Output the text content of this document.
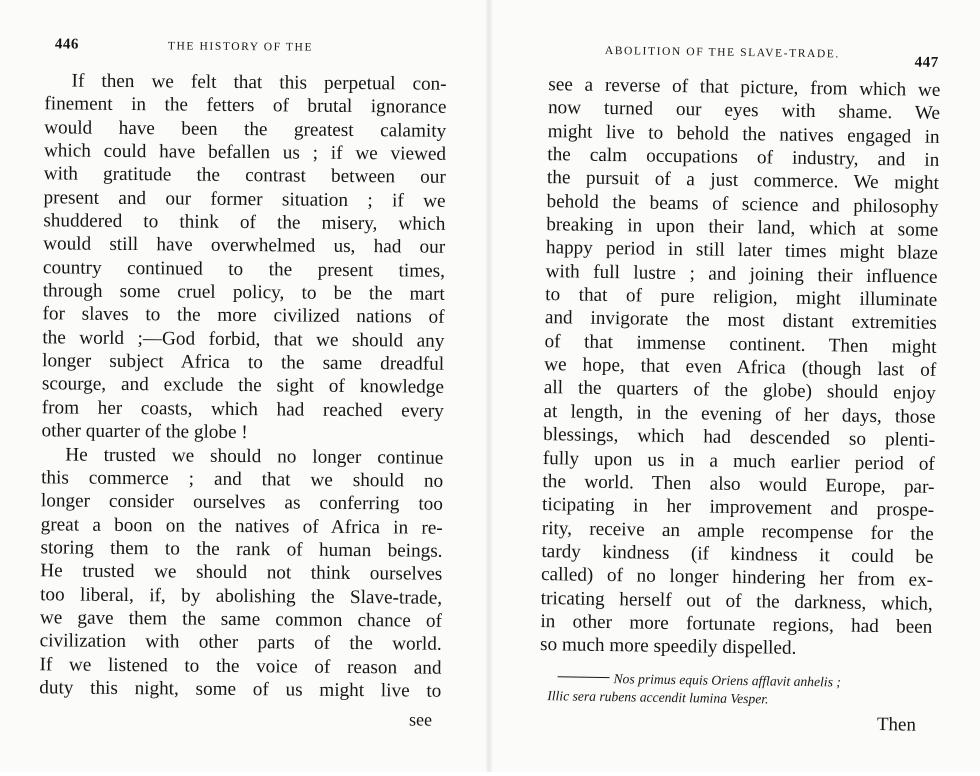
446	THE HISTORY OF THE
If then we felt that this perpetual con-
finement in the fetters of brutal ignorance
would have been the greatest calamity
which could have befallen us ; if we viewed
with gratitude the contrast between our
present and our former situation ; if we
shuddered to think of the misery, which
would still have overwhelmed us, had our
country continued to the present times,
through some cruel policy, to be the mart
for slaves to the more civilized nations of
the world ;—God forbid, that we should any
longer subject Africa to the same dreadful
scourge, and exclude the sight of knowledge
from her coasts, which had reached every
other quarter of the globe !
He trusted we should no longer continue
this commerce ; and that we should no
longer consider ourselves as conferring too
great a boon on the natives of Africa in re-
storing them to the rank of human beings.
He trusted we should not think ourselves
too liberal, if, by abolishing the Slave-trade,
we gave them the same common chance of
civilization with other parts of the world.
If we listened to the voice of reason and
duty this night, some of us might live to
see
ABOLITION OF THE SLAVE-TRADE.
447
see a reverse of that picture, from which we
now turned our eyes with shame. We
might live to behold the natives engaged in
the calm occupations of industry, and in
the pursuit of a just commerce. We might
behold the beams of science and philosophy
breaking in upon their land, which at some
happy period in still later times might blaze
with full lustre ; and joining their influence
to that of pure religion, might illuminate
and invigorate the most distant extremities
of that immense continent. Then might
we hope, that even Africa (though last of
all the quarters of the globe) should enjoy
at length, in the evening of her days, those
blessings, which had descended so plenti-
fully upon us in a much earlier period of
the world. Then also would Europe, par-
ticipating in her improvement and prospe-
rity, receive an ample recompense for the
tardy kindness (if kindness it could be
called) of no longer hindering her from ex-
tricating herself out of the darkness, which,
in other more fortunate regions, had been
so much more speedily dispelled.
Nos primus equis Oriens afflavit anhelis ;
Illic sera rubens accendit lumina Vesper.
Then
